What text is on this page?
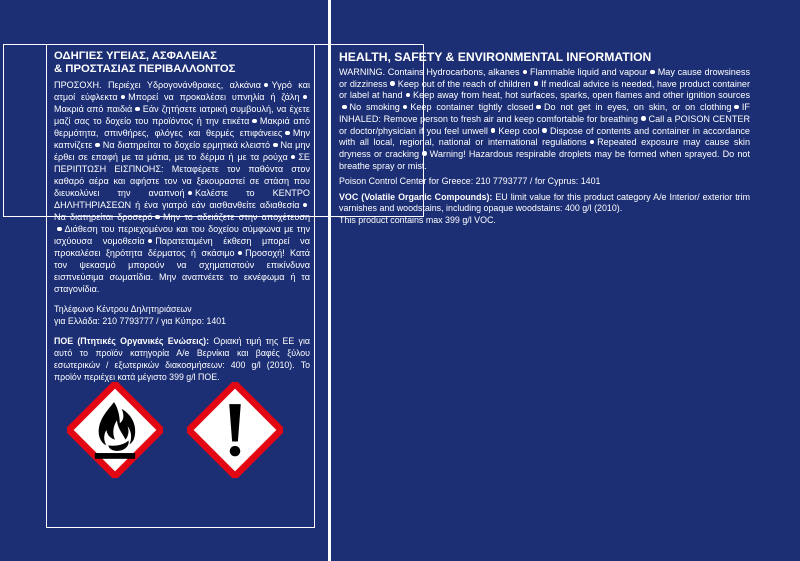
ΟΔΗΓΙΕΣ ΥΓΕΙΑΣ, ΑΣΦΑΛΕΙΑΣ
& ΠΡΟΣΤΑΣΙΑΣ ΠΕΡΙΒΑΛΛΟΝΤΟΣ

ΠΡΟΣΟΧΗ. Περιέχει Υδρογονάνθρακες, αλκάνια Υγρό και ατμοί εύφλεκτα Μπορεί να προκαλέσει υπνηλία ή ζάληΜακριά από παιδιά Εάν ζητήσετε ιατρική συμβουλή, να έχετε μαζί σας το δοχείο του προϊόντος ή την ετικέτα Μακριά από θερμότητα, σπινθήρες, φλόγες και θερμές επιφάνειες Μην καπνίζετε Να διατηρείται το δοχείο ερμητικά κλειστό Να μην έρθει σε επαφή με τα μάτια, με το δέρμα ή με τα ρούχα ΣΕ ΠΕΡΙΠΤΩΣΗ ΕΙΣΠΝΟΗΣ: Μεταφέρετε τον παθόντα στον καθαρό αέρα και αφήστε τον να ξεκουραστεί σε στάση που διευκολύνει την αναπνοή Καλέστε το ΚΕΝΤΡΟ ΔΗΛΗΤΗΡΙΑΣΕΩΝ ή ένα γιατρό εάν αισθανθείτε αδιαθεσίαΝα διατηρείται δροσερό Μην το αδειάζετε στην αποχέτευσηΔιάθεση του περιεχομένου και του δοχείου σύμφωνα με την ισχύουσα νομοθεσία Παρατεταμένη έκθεση μπορεί να προκαλέσει ξηρότητα δέρματος ή σκάσιμο Προσοχή! Κατά τον ψεκασμό μπορούν να σχηματιστούν επικίνδυνα εισπνεύσιμα σωματίδια. Μην αναπνέετε το εκνέφωμα ή τα σταγονίδια.

Τηλέφωνο Κέντρου Δηλητηριάσεων
για Ελλάδα: 210 7793777 / για Κύπρο: 1401

ΠΟΕ (Πτητικές Οργανικές Ενώσεις): Οριακή τιμή της ΕΕ για αυτό το προϊόν κατηγορία Α/e Βερνίκια και βαφές ξύλου εσωτερικών / εξωτερικών διακοσμήσεων: 400 g/l (2010). Το προϊόν περιέχει κατά μέγιστο 399 g/l ΠΟΕ.

HEALTH, SAFETY & ENVIRONMENTAL INFORMATION

WARNING. Contains Hydrocarbons, alkanes Flammable liquid and vapour May cause drowsiness or dizziness Keep out of the reach of children If medical advice is needed, have product container or label at hand Keep away from heat, hot surfaces, sparks, open flames and other ignition sourcesNo smoking Keep container tightly closed Do not get in eyes, on skin, or on clothing IF INHALED: Remove person to fresh air and keep comfortable for breathing Call a POISON CENTER or doctor/physician if you feel unwell Keep cool Dispose of contents and container in accordance with all local, regional, national or international regulations Repeated exposure may cause skin dryness or cracking Warning! Hazardous respirable droplets may be formed when sprayed. Do not breathe spray or mist.

Poison Control Center for Greece: 210 7793777 / for Cyprus: 1401
VOC (Volatile Organic Compounds): EU limit value for this product category A/e Interior/ exterior trim varnishes and woodstains, including opaque woodstains: 400 g/l (2010).
This product contains max 399 g/l VOC.
